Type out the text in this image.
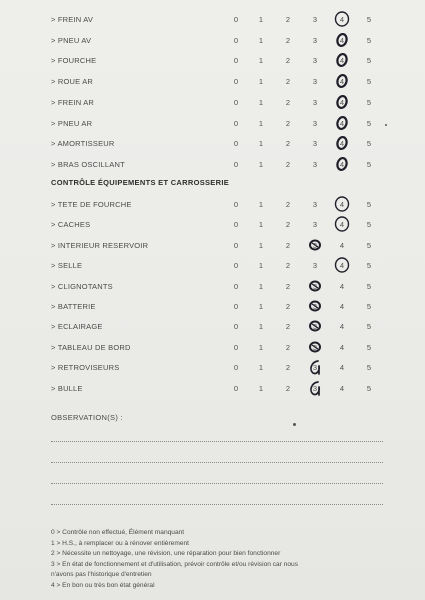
> FREIN AV	0	1	2	3	4	5
> PNEU AV	0	1	2	3	4	5
> FOURCHE	0	1	2	3	4	5
> ROUE AR	0	1	2	3	4	5
> FREIN AR	0	1	2	3	4	5
> PNEU AR	0	1	2	3	4	5
> AMORTISSEUR	0	1	2	3	4	5
> BRAS OSCILLANT	0	1	2	3	4	5
CONTRÔLE ÉQUIPEMENTS ET CARROSSERIE
> TETE DE FOURCHE	0	1	2	3	4	5
> CACHES	0	1	2	3	4	5
> INTERIEUR RESERVOIR	0	1	2	3	4	5
> SELLE	0	1	2	3	4	5
> CLIGNOTANTS	0	1	2	3	4	5
> BATTERIE	0	1	2	3	4	5
> ECLAIRAGE	0	1	2	3	4	5
> TABLEAU DE BORD	0	1	2	3	4	5
> RETROVISEURS	0	1	2	3	4	5
> BULLE	0	1	2	3	4	5
OBSERVATION(S) :
0 > Contrôle non effectué, Élément manquant
1 > H.S., à remplacer ou à rénover entièrement
2 > Nécessite un nettoyage, une révision, une réparation pour bien fonctionner
3 > En état de fonctionnement et d'utilisation, prévoir contrôle et/ou révision car nous
n'avons pas l'historique d'entretien
4 > En bon ou très bon état général
